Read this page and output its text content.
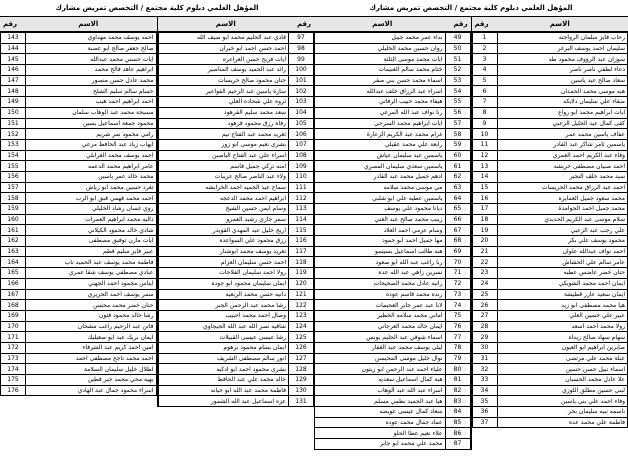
المؤهل العلمي دبلوم كلية مجتمع / التخصص تمريض مشارك
رقم	الاسم
143	احمد يوسف محمد مهداوي
144	صالح جعفر صالح ابو عصبة
145	ايات حسني محمد عبدالله
146	ابراهيم عاهد فالح محمد
147	محمد عادل حسن منصور
148	حسام سالم سليم الشلخ
149	احمد ابراهيم احمد هيب
150	مسبحة محمد عبد الوهاب سلمان
151	محمود جمعة اسماعيل يسين
152	رامي محمود نمر شريم
153	ايهاب زياد عبد الحافظ مرعي
154	احمد يوسف محمد الغرابلي
155	عامر ابراهيم محمد الدعمه
156	محمد خالد عمر ياسين
157	ثغرد حسين محمد ابو رياش
158	احمد محمد فهمي قبق ابو الرب
159	روي غسان رشاد الخليلي
160	داليه محمد ابراهيم العمرات
161	شادي خالد محمود الكيلاني
162	ايات مازن توفيق مصطفى
163	عبير فايز سليم قطم
164	فاطمة محمد يوسف عبد الحميد ناب
165	عبادي مصطفى يوسف شقا عمري
166	ايناس محمود احمد الجهني
167	سمر يوسف احمد الحريري
168	حنان خضر محمد محسن
169	رشا خالد محمود فتون
170	قاتن عبد الرحيم راغب مشحان
171	ايمان بريك عبد ابو صعيليك
172	امين احمد كريم عبد الشرفاء
173	احمد محمد ناجح مصطفى احمد
174	اطلال خليل سليمان السلامة
175	بهيه محي محمد خير قطين
176	اسراء محمود جمال عبد الهادي
الاسم	رقم
فادي عبد الحليم محمد ابو ضيف الله	97
احمد حسن احمد ابو خيران	98
ايات فريح حسن العراعره	99
رائد عبد الحميد يوسف المناصير	100
حنان محمود صالح خريسات	101
سارة ياسين عبد الرحيم الفواعير	102
ثروه علي شحاده العلي	103
سعد محمد سليم الفرهود	104
رفاه رزق محمود قرهود	105
تغريد محمد عبد الفتاح نيم	106
بشرى نعيم موسى ابو زور	107
اسراء علي عبد الفتاح الياصين	108
امنه تركي جميل قاسم	109
ولاء عبد الناصر صالح عريبات	110
سماح عبد الحميد احمد الخرابشه	111
ابراهيم احمد محمد الدعجه	112
وسام ايمن حسين الشيخ	113
سمر جازي رشيد العمرو	114
اريج خليل عبد المهدي القويدر	115
رزق محمود علي السواعده	116
تغريد يوسف محمد ابوشنار	117
احمد حسن سليمان العزام	118
رولا احمد سليمان الفلاحات	119
ايمان سليمان محمود ابو جوده	120
دانيه حسن محمد الربعيه	121
رشا محمد عبد الرحمن الجبر	122
وصال احمد محمد احبيب	123
شافيه نصر الله عبد الله الجيجاوي	124
رشا عيسى عيسى القبيلات	125
ايمان بسام محمود برهوم	126
انور سالم مصطفى الشريف	127
بشرى محمود احمد ابو ادكيه	128
خالد محمد علي عبد الحافظ	129
فاطمة محمد عبد الله ابو حيانه	130
عزه اسماعيل عبد الله الشمور	131
المؤهل العلمي دبلوم كلية مجتمع / التخصص تمريض مشارك
الاسم	رقم
نداء عمر محمد جبيل	49
روان حسين محمد الخليلي	50
ايات محمد موسى الثلثة	51
ختام محمد سالم الغنيمات	52
اسماء محمد حسن بني صقر	53
اسراء عبد الرزاق خلف عبدالله	54
هيفاء محمد حبيب الرفاتي	55
رنا نواف عبد الله المرعي	56
ايات ابراهيم محمد السرحي	57
غرام محمد عبد الكريم الزعارة	58
رابعة علي محمد عقيلي	59
ياسمين عيد سليمان عياش	60
ياسمين سعدي سليمان المصري	61
ادهم جميل محمد عبد القادر	62
مي موسى محمد سلامه	63
ياسمين عطيه علي ابو شلبي	64
ديانا محمود علي يوسف	65
زينب محمد صالح عبد الغني	66
وسام عزمي احمد العلاد	67
مها جميل احمد ابو حمود	68
هبه طالب اسماعيل بسيسو	69
ربا راغب عبد الله ابو صعود	70
نسرين زاهي عبد الله عده	71
رانيه عادل محمد الصحيحات	72
رنده محمد قاسم عوده	73
لانا عبد عمر جابر العجيمات	74
اماني محمد سلامه الخطير	75
ايمان خالد محمد العرجاني	76
اسماء شوقي عبد الحليم يونس	77
ليلى يوسف محمد عبد الغفار	78
نوال خليل موسى المحيسن	79
علياء احمد عبد الرحمن ابو زيتون	80
هبة كمال اسماعيل سعديه	81
اسراء عبد الله عبد الوهاب	82
هيا عبد الحميد نظمي مسلم	83
سعاد كمال عيسى عويضه	84
عماد جمال محمد عوده	85
علاء نعيم عطا الحلو	86
محمد علي محمد ابو جابر	87
رقم	الاسم
1	رحاب فايز سلمان الرواحنه
2	سليمان احمد يوسف البرغر
3	سوزان عبد الرؤوف محمود طه
4	دعاء لطفي ناصر ناصر
5	سعاد صالح عبد ياسين
6	هبه موسى محمد الحمدان
7	صفاء علي سليمان دلايكه
8	ايات ابراهيم محمد ابو رواع
9	كفى كمال عبد الجليل الزعبي
10	عفاف ياسين محمد عمر
11	ياسمين ثامر شاكر عبد القادر
12	وفاء عبد الكريم احمد العمري
13	احمد صبيان مصطفى خربشه
14	سيد محمد خلف النجير
15	احمد عبد الرزاق محمد الخريسات
16	محمد سعود جميل العمايره
17	محمد جميل احمد الحوامدة
18	سلام موسى عبد الكريم الحديدي
19	علي رجب عبد الزعبي
20	محمود يوسف علي بكر
21	احمد نواف عبدالله علوان
22	عامر سالم علي الحشاش
23	حنان خضر عاضس عطيه
24	ايمان احمد محمد الشويكي
25	ايمان سعيد عازر قطيشة
26	هيا محمد مصطفى ابو زيد
27	عبير علي حسين العلي
28	رولا محمد احمد اسعد
29	سهام سهاد صالح زيداه
30	صابرين ابراهيم ابو العيون
31	عبلة محمد علي مرتضى
32	اسماء نبيل حسن حسين
33	علا عادل محمد الحسبان
34	لبنى حسين مطلق اللوزي
35	وفاء احمد علي بني ياسين
36	باسمه نبيه سليمان بحر
37	فاطمة علي محمد عده
